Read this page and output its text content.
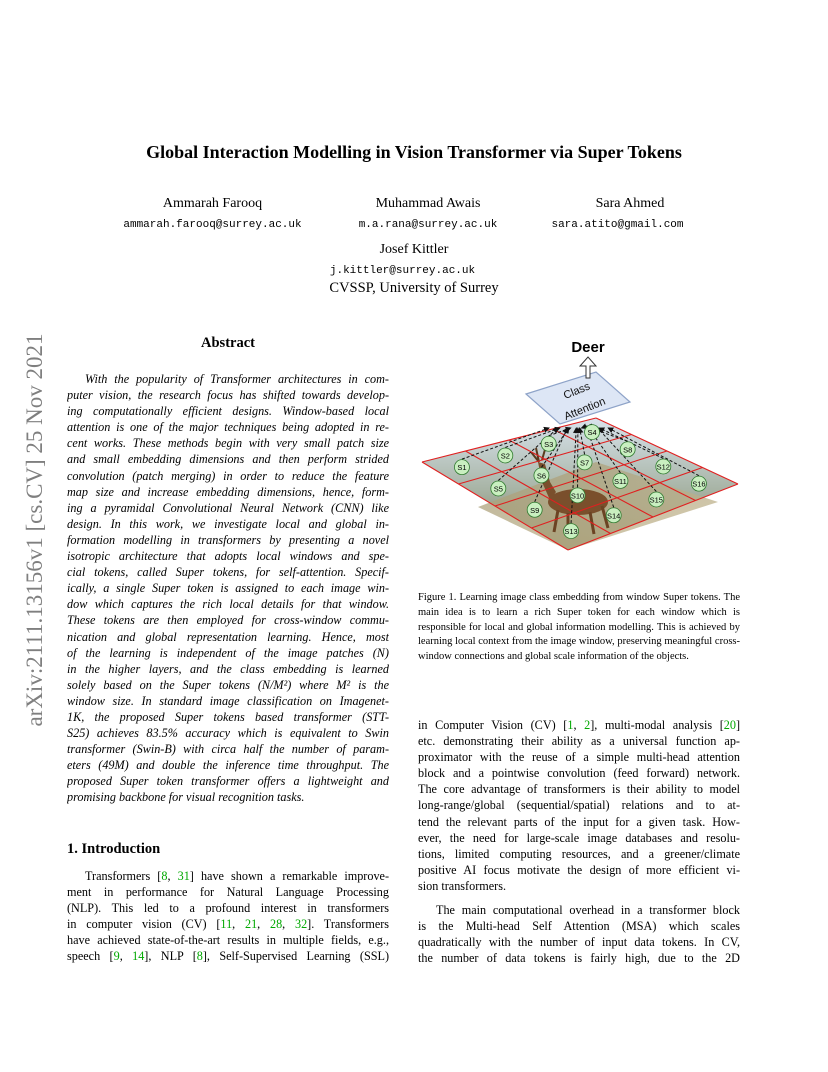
arXiv:2111.13156v1 [cs.CV] 25 Nov 2021
Global Interaction Modelling in Vision Transformer via Super Tokens
Ammarah Farooq
ammarah.farooq@surrey.ac.uk
Muhammad Awais
m.a.rana@surrey.ac.uk
Sara Ahmed
sara.atito@gmail.com
Josef Kittler
j.kittler@surrey.ac.uk
CVSSP, University of Surrey
Abstract
With the popularity of Transformer architectures in com-
puter vision, the research focus has shifted towards develop-
ing computationally efficient designs. Window-based local
attention is one of the major techniques being adopted in re-
cent works. These methods begin with very small patch size
and small embedding dimensions and then perform strided
convolution (patch merging) in order to reduce the feature
map size and increase embedding dimensions, hence, form-
ing a pyramidal Convolutional Neural Network (CNN) like
design. In this work, we investigate local and global in-
formation modelling in transformers by presenting a novel
isotropic architecture that adopts local windows and spe-
cial tokens, called Super tokens, for self-attention. Specif-
ically, a single Super token is assigned to each image win-
dow which captures the rich local details for that window.
These tokens are then employed for cross-window commu-
nication and global representation learning. Hence, most
of the learning is independent of the image patches (N)
in the higher layers, and the class embedding is learned
solely based on the Super tokens (N/M²) where M² is the
window size. In standard image classification on Imagenet-
1K, the proposed Super tokens based transformer (STT-
S25) achieves 83.5% accuracy which is equivalent to Swin
transformer (Swin-B) with circa half the number of param-
eters (49M) and double the inference time throughput. The
proposed Super token transformer offers a lightweight and
promising backbone for visual recognition tasks.
1. Introduction
Transformers [8, 31] have shown a remarkable improve-
ment in performance for Natural Language Processing
(NLP). This led to a profound interest in transformers
in computer vision (CV) [11, 21, 28, 32]. Transformers
have achieved state-of-the-art results in multiple fields, e.g.,
speech [9, 14], NLP [8], Self-Supervised Learning (SSL)
Class
Attention
Deer
S1
S2
S3
S4
S5
S6
S7
S8
S9
S10
S11
S12
S13
S14
S15
S16
Figure 1. Learning image class embedding from window Super tokens. The main idea is to learn a rich Super token for each window which is responsible for local and global information modelling. This is achieved by learning local context from the image window, preserving meaningful cross-window connections and global scale information of the objects.
in Computer Vision (CV) [1, 2], multi-modal analysis [20]
etc. demonstrating their ability as a universal function ap-
proximator with the reuse of a simple multi-head attention
block and a pointwise convolution (feed forward) network.
The core advantage of transformers is their ability to model
long-range/global (sequential/spatial) relations and to at-
tend the relevant parts of the input for a given task. How-
ever, the need for large-scale image databases and resolu-
tions, limited computing resources, and a greener/climate
positive AI focus motivate the design of more efficient vi-
sion transformers.
The main computational overhead in a transformer block
is the Multi-head Self Attention (MSA) which scales
quadratically with the number of input data tokens. In CV,
the number of data tokens is fairly high, due to the 2D
